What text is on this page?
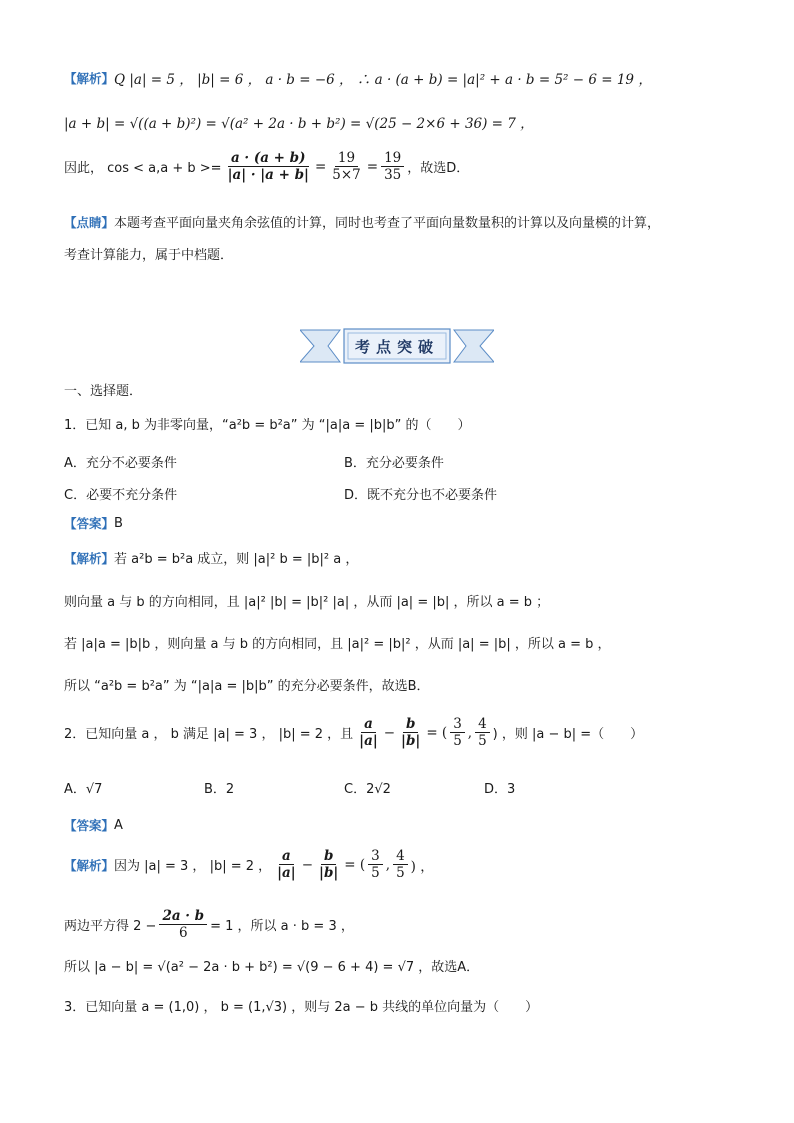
【解析】 Q |a| = 5 ， |b| = 6 ， a · b = −6 ， ∴ a · (a + b) = |a|² + a · b = 5² − 6 = 19 ，
|a + b| = √((a + b)²) = √(a² + 2a · b + b²) = √(25 − 2×6 + 36) = 7 ，
因此， $\cos < a,a + b >= \frac{a \cdot (a + b)}{|a| \cdot |a + b|} = \frac{19}{5\times 7} = \frac{19}{35}$ ，故选D．
【点睛】 本题考查平面向量夹角余弦值的计算，同时也考查了平面向量数量积的计算以及向量模的计算，
考查计算能力，属于中档题．
考点突破
一、选择题．
1．已知 a, b 为非零向量，“a²b = b²a” 为 “|a|a = |b|b” 的（　　）
A．充分不必要条件	B．充分必要条件
C．必要不充分条件	D．既不充分也不必要条件
【答案】 B
【解析】 若 a²b = b²a 成立，则 |a|² b = |b|² a ，
则向量 a 与 b 的方向相同，且 |a|² |b| = |b|² |a| ，从而 |a| = |b| ，所以 a = b ；
若 |a|a = |b|b ，则向量 a 与 b 的方向相同，且 |a|² = |b|² ，从而 |a| = |b| ，所以 a = b ，
所以 “a²b = b²a” 为 “|a|a = |b|b” 的充分必要条件，故选B．
2．已知向量 a ， b 满足 |a| = 3 ， |b| = 2 ，且 $\frac{a}{|a|} - \frac{b}{|b|}$ = ( $\frac{3}{5}$ , $\frac{4}{5}$ ) ，则 |a − b| =（　　）
A．√7	B．2	C．2√2	D．3
【答案】 A
【解析】 因为 |a| = 3 ， |b| = 2 ， $\frac{a}{|a|} - \frac{b}{|b|}$ = ( $\frac{3}{5}$ , $\frac{4}{5}$ ) ，
两边平方得 $2 - \frac{2a \cdot b}{6} = 1$ ，所以 a · b = 3 ，
所以 |a − b| = √(a² − 2a · b + b²) = √(9 − 6 + 4) = √7 ，故选A．
3．已知向量 a = (1,0) ， b = (1,√3) ，则与 2a − b 共线的单位向量为（　　）
